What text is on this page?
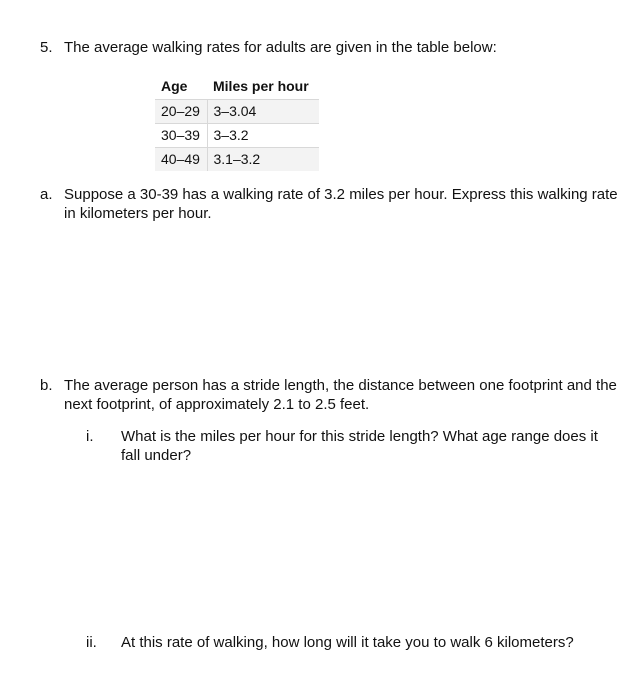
5. The average walking rates for adults are given in the table below:
Age	Miles per hour
20–29	3–3.04
30–39	3–3.2
40–49	3.1–3.2
a. Suppose a 30-39 has a walking rate of 3.2 miles per hour. Express this walking rate in kilometers per hour.
b. The average person has a stride length, the distance between one footprint and the next footprint, of approximately 2.1 to 2.5 feet.
i.	What is the miles per hour for this stride length? What age range does it fall under?
ii.	At this rate of walking, how long will it take you to walk 6 kilometers?
